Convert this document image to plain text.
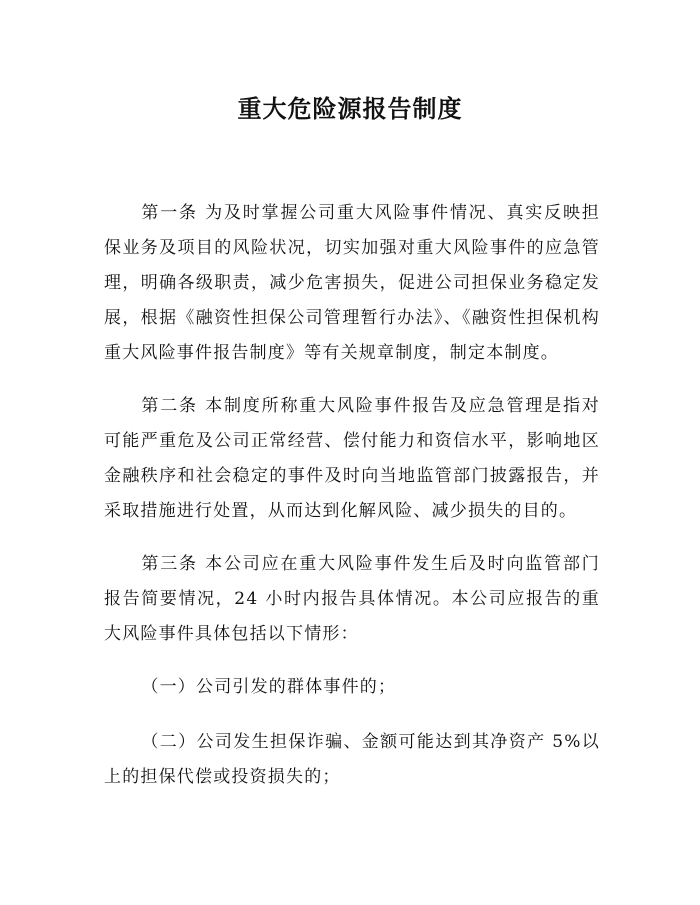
重大危险源报告制度

第一条 为及时掌握公司重大风险事件情况、真实反映担保业务及项目的风险状况，切实加强对重大风险事件的应急管理，明确各级职责，减少危害损失，促进公司担保业务稳定发展，根据《融资性担保公司管理暂行办法》、《融资性担保机构重大风险事件报告制度》等有关规章制度，制定本制度。

第二条 本制度所称重大风险事件报告及应急管理是指对可能严重危及公司正常经营、偿付能力和资信水平，影响地区金融秩序和社会稳定的事件及时向当地监管部门披露报告，并采取措施进行处置，从而达到化解风险、减少损失的目的。

第三条 本公司应在重大风险事件发生后及时向监管部门报告简要情况，24 小时内报告具体情况。本公司应报告的重大风险事件具体包括以下情形：

（一）公司引发的群体事件的；

（二）公司发生担保诈骗、金额可能达到其净资产 5%以上的担保代偿或投资损失的；
